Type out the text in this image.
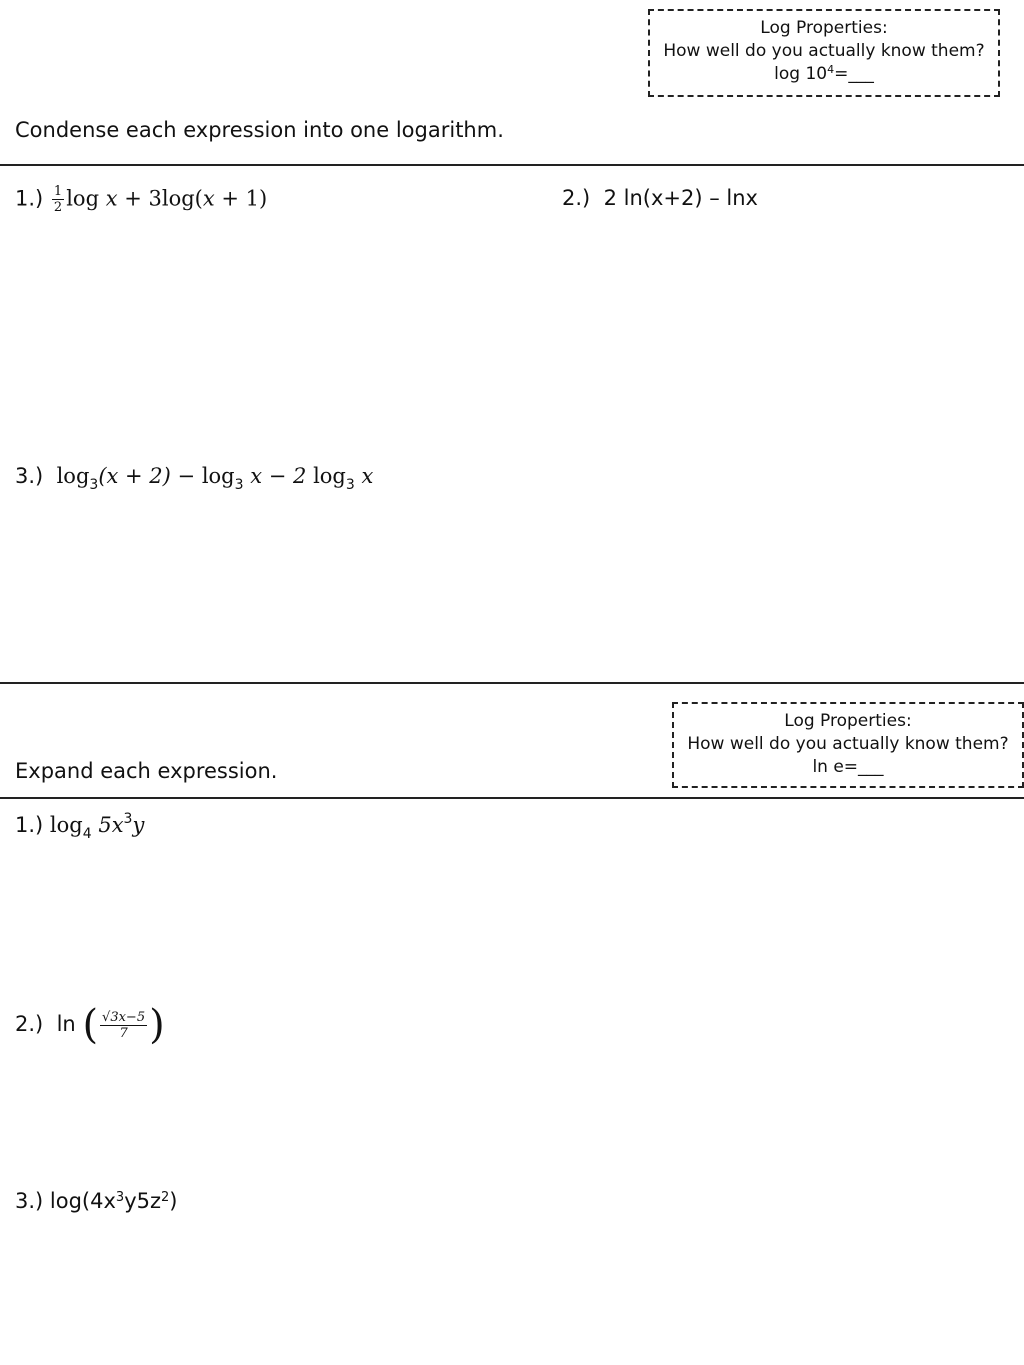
Log Properties:
How well do you actually know them?
$\log 10^4=\_\_\_$
Condense each expression into one logarithm.
$1.) \frac{1}{2}$ log x + 3log(x + 1)	2.) 2 ln(x+2) – lnx
3.) $\log_3(x + 2) - \log_3 x - 2$ $\log_3 x$
Log Properties:
How well do you actually know them?
ln e=___
Expand each expression.
1.) $\log_4 5x^3y$
2.) ln ( $\frac{√3x-5}{7}$ )
3.) $\log(4x^3y5z^2)$
